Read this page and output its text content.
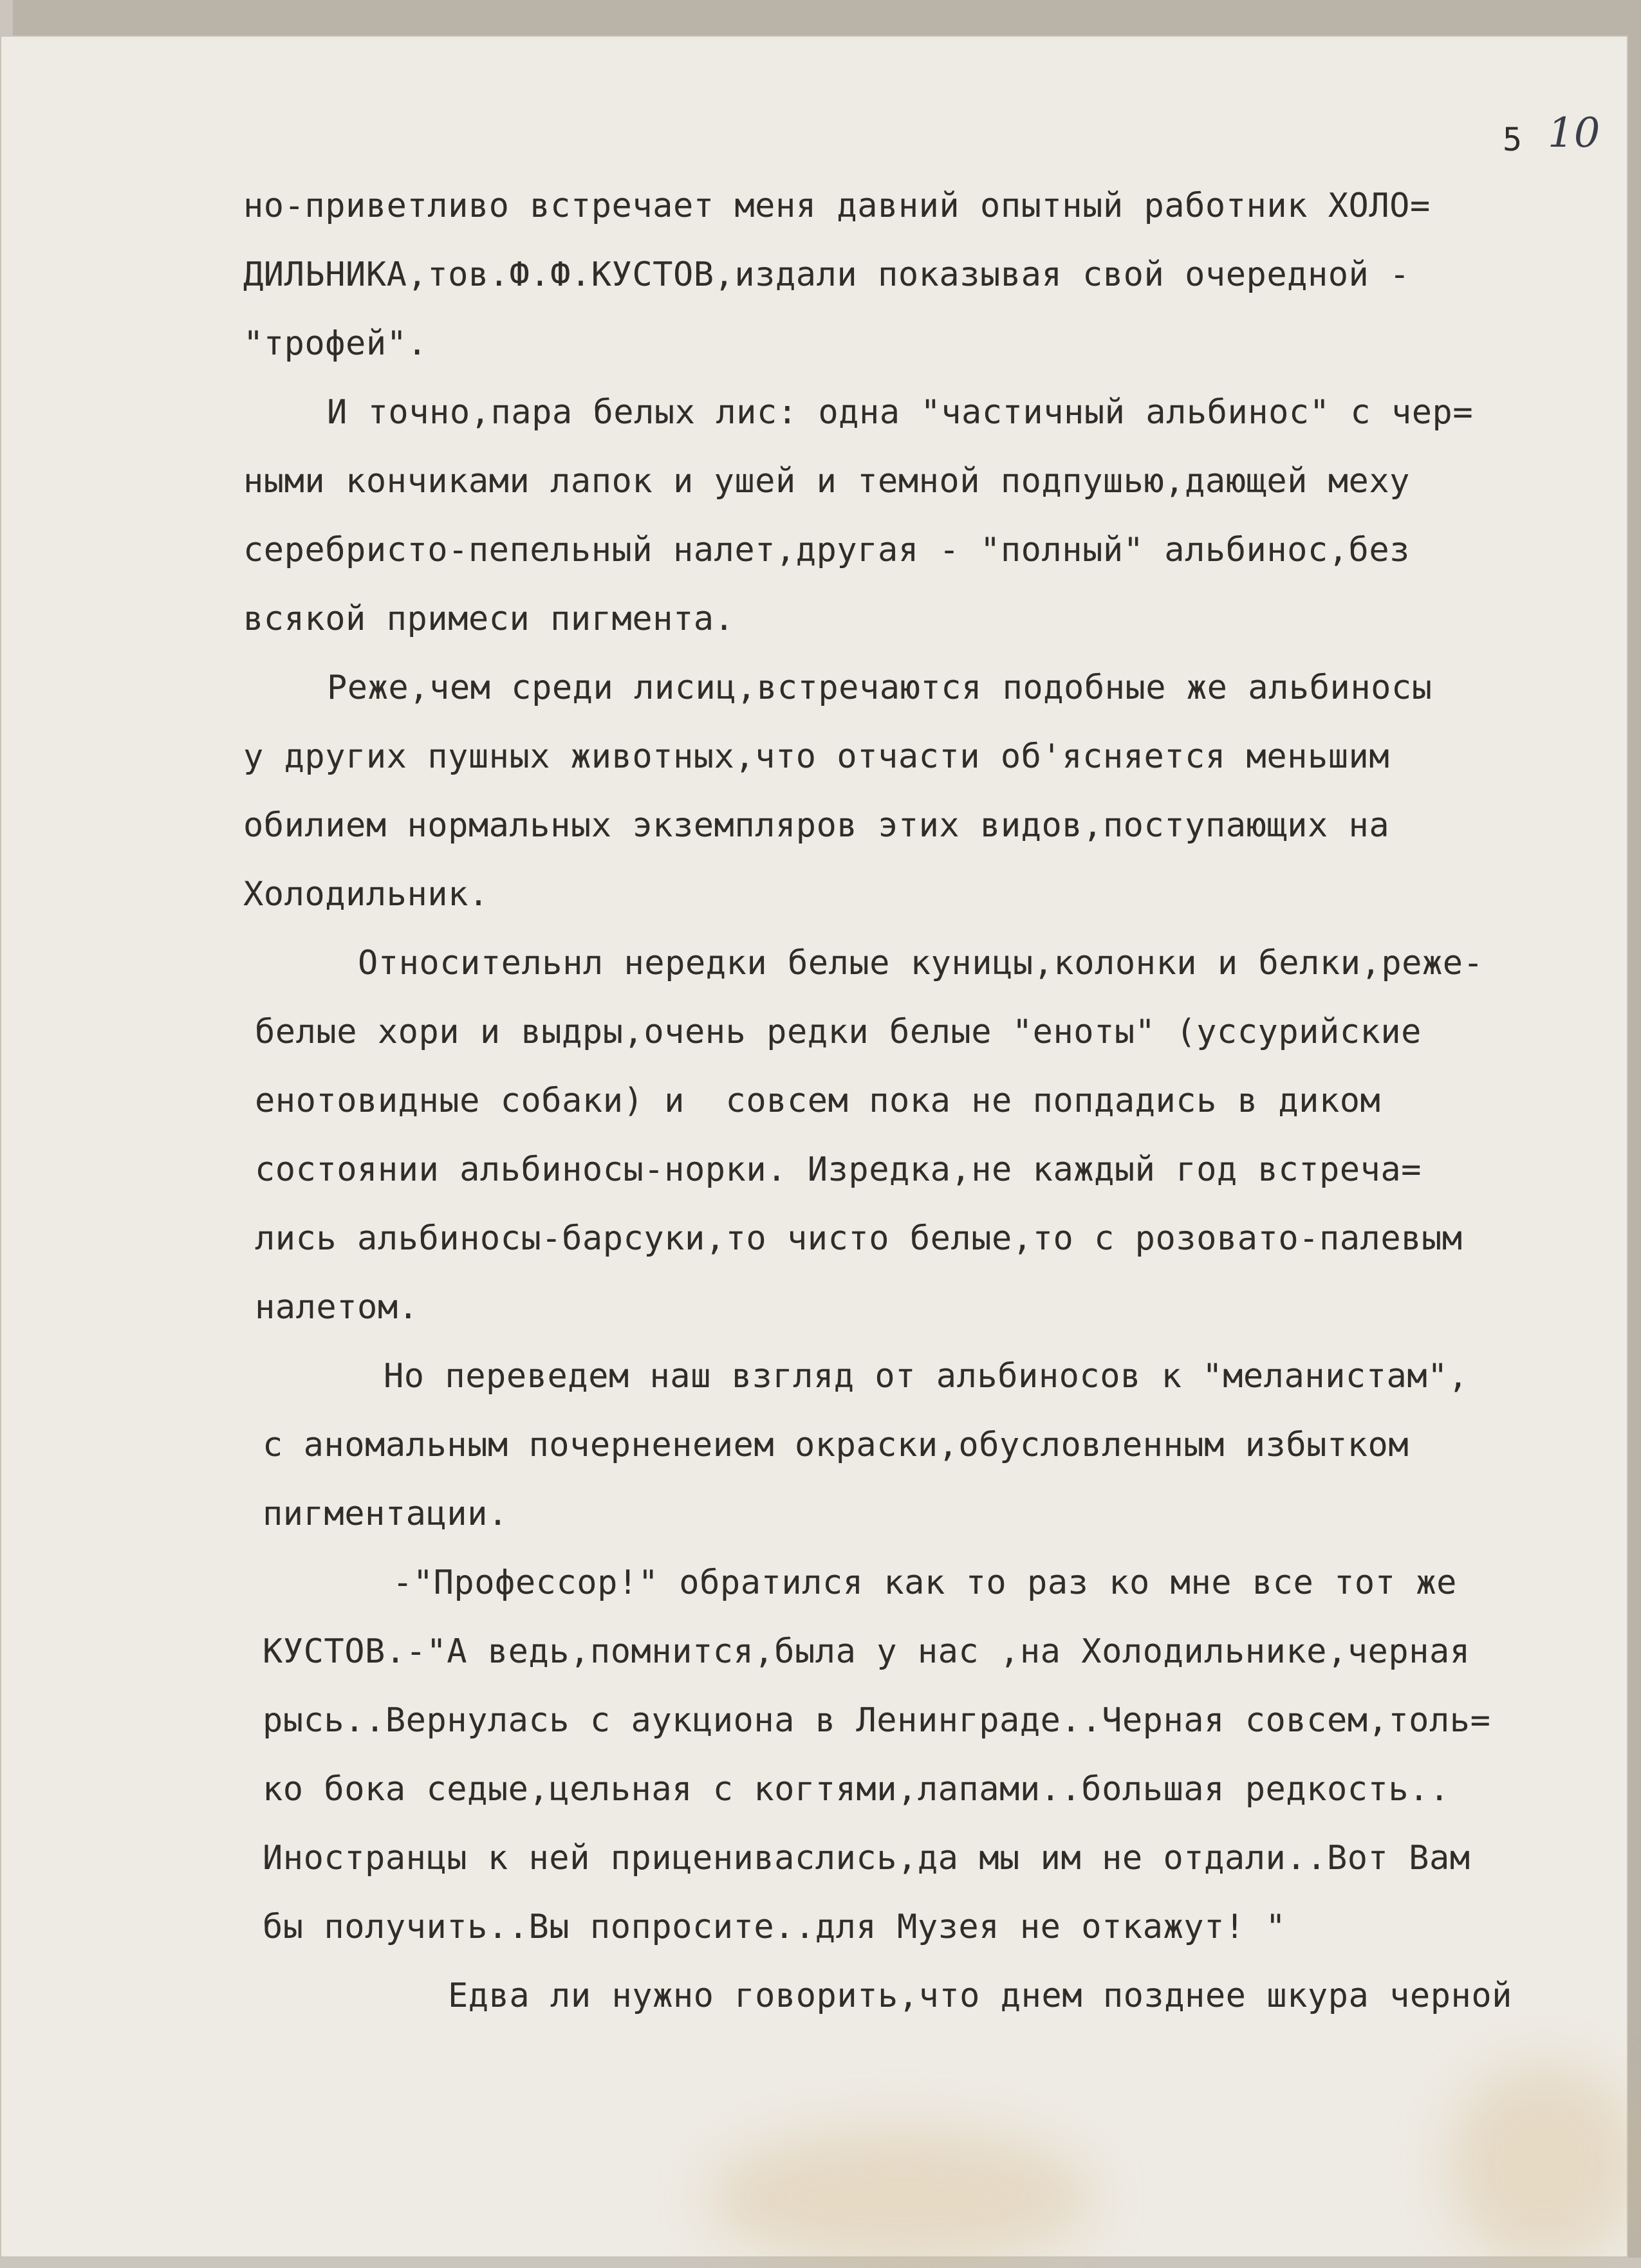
5 10
но-приветливо встречает меня давний опытный работник ХОЛО=
ДИЛЬНИКА,тов.Ф.Ф.КУСТОВ,издали показывая свой очередной -
"трофей".
И точно,пара белых лис: одна "частичный альбинос" с чер=
ными кончиками лапок и ушей и темной подпушью,дающей меху
серебристо-пепельный налет,другая - "полный" альбинос,без
всякой примеси пигмента.
Реже,чем среди лисиц,встречаются подобные же альбиносы
у других пушных животных,что отчасти об'ясняется меньшим
обилием нормальных экземпляров этих видов,поступающих на
Холодильник.
Относительнл нередки белые куницы,колонки и белки,реже-
белые хори и выдры,очень редки белые "еноты" (уссурийские
енотовидные собаки) и  совсем пока не попдадись в диком
состоянии альбиносы-норки. Изредка,не каждый год встреча=
лись альбиносы-барсуки,то чисто белые,то с розовато-палевым
налетом.
Но переведем наш взгляд от альбиносов к "меланистам",
с аномальным почерненеием окраски,обусловленным избытком
пигментации.
-"Профессор!" обратился как то раз ко мне все тот же
КУСТОВ.-"А ведь,помнится,была у нас ,на Холодильнике,черная
рысь..Вернулась с аукциона в Ленинграде..Черная совсем,толь=
ко бока седые,цельная с когтями,лапами..большая редкость..
Иностранцы к ней прицениваслись,да мы им не отдали..Вот Вам
бы получить..Вы попросите..для Музея не откажут! "
Едва ли нужно говорить,что днем позднее шкура черной
